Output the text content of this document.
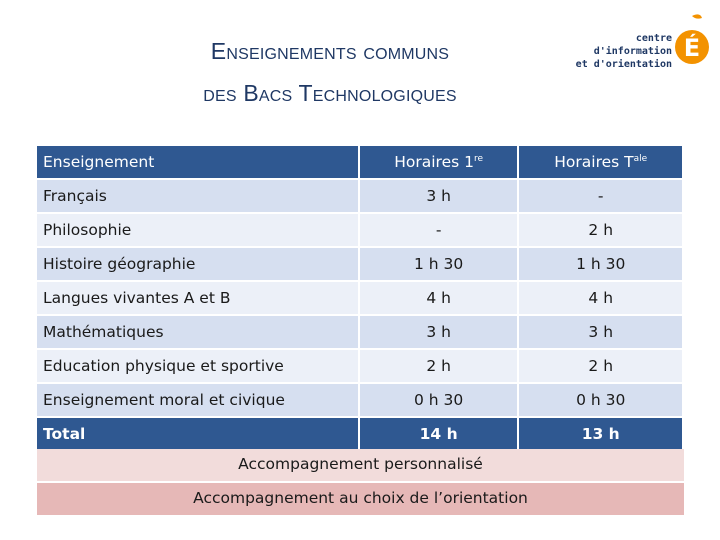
Enseignements communs
des Bacs Technologiques
centre d'information
et d'orientation
É
Enseignement	Horaires 1re	Horaires $T^{ale}$
Français	3 h	-
Philosophie	-	2 h
Histoire géographie	1 h 30	1 h 30
Langues vivantes A et B	4 h	4 h
Mathématiques	3 h	3 h
Education physique et sportive	2 h	2 h
Enseignement moral et civique	0 h 30	0 h 30
Total	14 h	13 h
Accompagnement personnalisé
Accompagnement au choix de l’orientation
